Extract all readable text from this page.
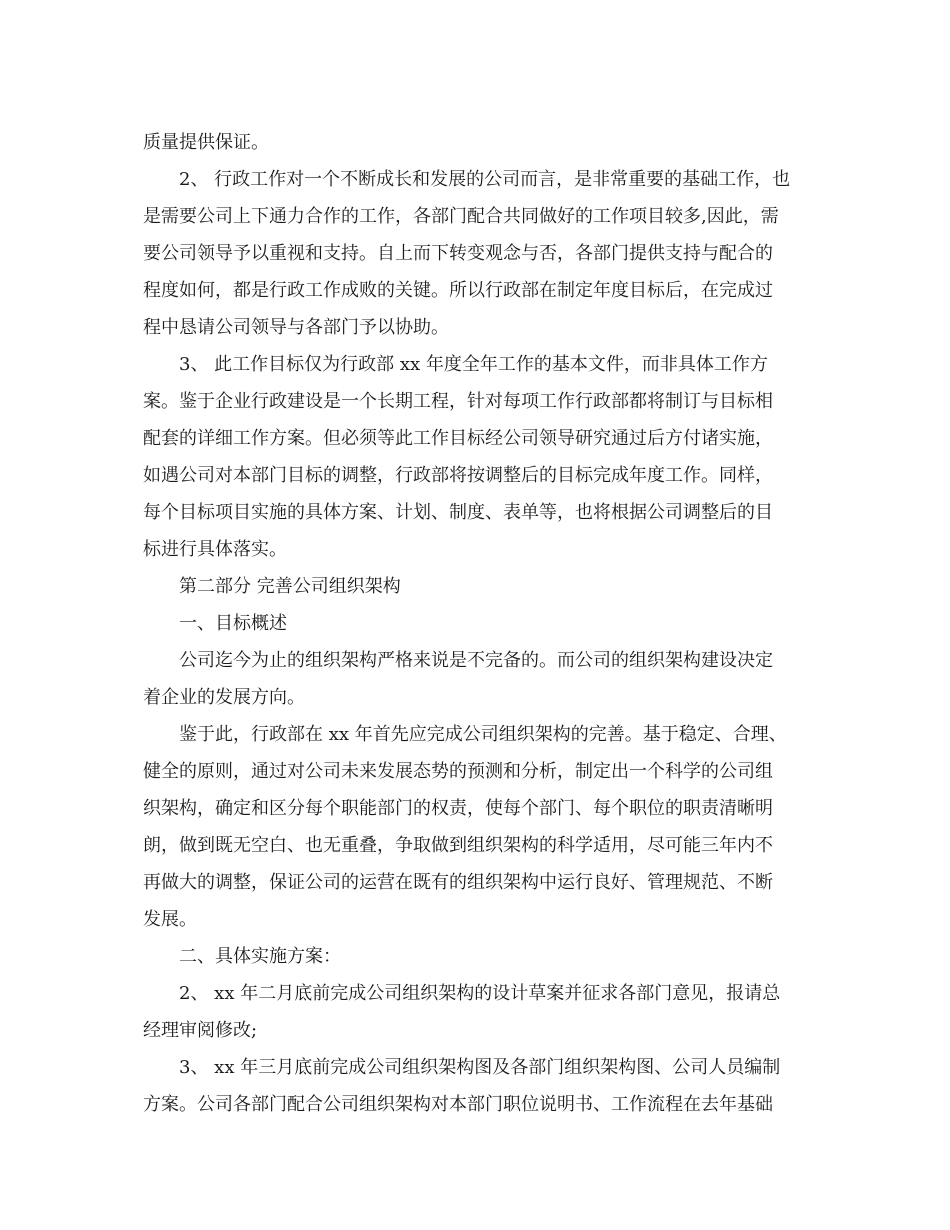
质量提供保证。
2、 行政工作对一个不断成长和发展的公司而言，是非常重要的基础工作，也
是需要公司上下通力合作的工作，各部门配合共同做好的工作项目较多,因此，需
要公司领导予以重视和支持。自上而下转变观念与否，各部门提供支持与配合的
程度如何，都是行政工作成败的关键。所以行政部在制定年度目标后，在完成过
程中恳请公司领导与各部门予以协助。
3、 此工作目标仅为行政部 xx 年度全年工作的基本文件，而非具体工作方
案。鉴于企业行政建设是一个长期工程，针对每项工作行政部都将制订与目标相
配套的详细工作方案。但必须等此工作目标经公司领导研究通过后方付诸实施，
如遇公司对本部门目标的调整，行政部将按调整后的目标完成年度工作。同样，
每个目标项目实施的具体方案、计划、制度、表单等，也将根据公司调整后的目
标进行具体落实。
第二部分 完善公司组织架构
一、目标概述
公司迄今为止的组织架构严格来说是不完备的。而公司的组织架构建设决定
着企业的发展方向。
鉴于此，行政部在 xx 年首先应完成公司组织架构的完善。基于稳定、合理、
健全的原则，通过对公司未来发展态势的预测和分析，制定出一个科学的公司组
织架构，确定和区分每个职能部门的权责，使每个部门、每个职位的职责清晰明
朗，做到既无空白、也无重叠，争取做到组织架构的科学适用，尽可能三年内不
再做大的调整，保证公司的运营在既有的组织架构中运行良好、管理规范、不断
发展。
二、具体实施方案：
2、 xx 年二月底前完成公司组织架构的设计草案并征求各部门意见，报请总
经理审阅修改;
3、 xx 年三月底前完成公司组织架构图及各部门组织架构图、公司人员编制
方案。公司各部门配合公司组织架构对本部门职位说明书、工作流程在去年基础
